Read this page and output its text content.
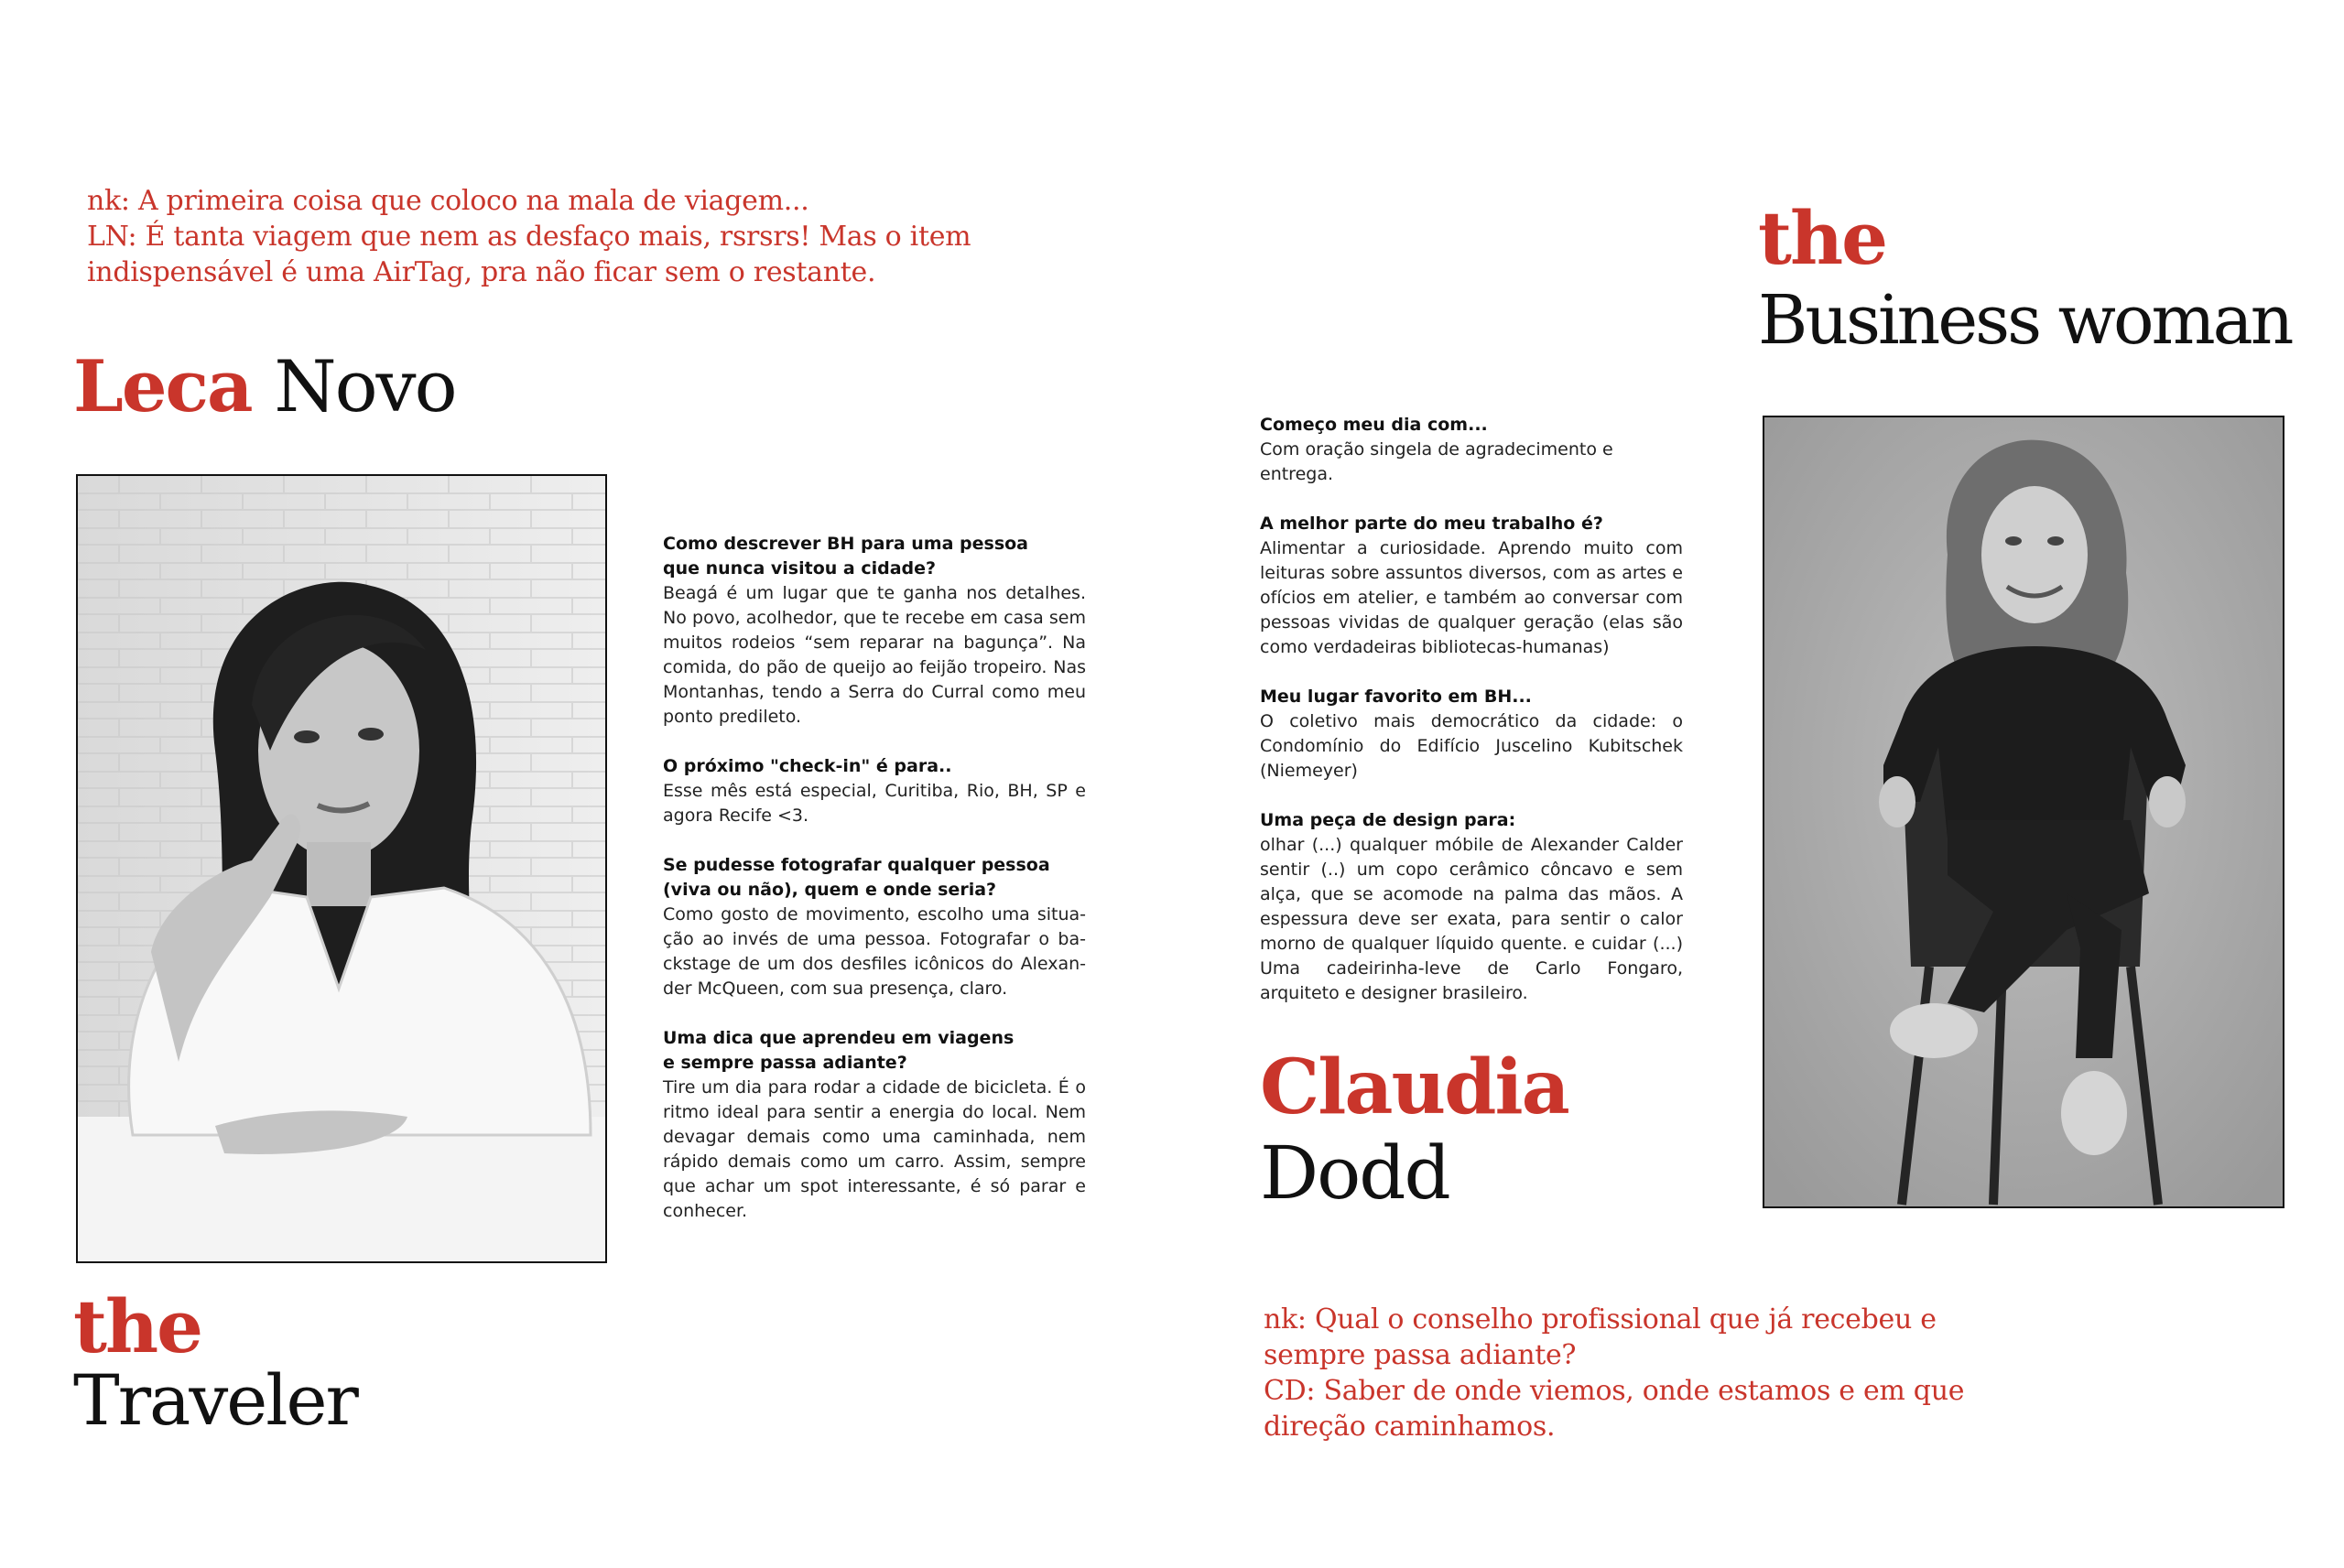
nk: A primeira coisa que coloco na mala de viagem...
LN: É tanta viagem que nem as desfaço mais, rsrsrs! Mas o item
indispensável é uma AirTag, pra não ficar sem o restante.
Leca Novo
the
Traveler
Como descrever BH para uma pessoa
que nunca visitou a cidade?
Beagá é um lugar que te ganha nos detalhes. No povo, acolhedor, que te recebe em casa sem muitos rodeios “sem reparar na bagunça”. Na comida, do pão de queijo ao feijão tropeiro. Nas Montanhas, tendo a Serra do Curral como meu ponto predileto.
O próximo "check-in" é para..
Esse mês está especial, Curitiba, Rio, BH, SP e agora Recife <3.
Se pudesse fotografar qualquer pessoa
(viva ou não), quem e onde seria?
Como gosto de movimento, escolho uma situa-ção ao invés de uma pessoa. Fotografar o ba-ckstage de um dos desfiles icônicos do Alexan-der McQueen, com sua presença, claro.
Uma dica que aprendeu em viagens
e sempre passa adiante?
Tire um dia para rodar a cidade de bicicleta. É o ritmo ideal para sentir a energia do local. Nem devagar demais como uma caminhada, nem rápido demais como um carro. Assim, sempre que achar um spot interessante, é só parar e conhecer.
the
Business woman
Começo meu dia com...
Com oração singela de agradecimento e entrega.
A melhor parte do meu trabalho é?
Alimentar a curiosidade. Aprendo muito com leituras sobre assuntos diversos, com as artes e ofícios em atelier, e também ao conversar com pessoas vividas de qualquer geração (elas são como verdadeiras bibliotecas-humanas)
Meu lugar favorito em BH...
O coletivo mais democrático da cidade: o Condomínio do Edifício Juscelino Kubitschek (Niemeyer)
Uma peça de design para:
olhar (...) qualquer móbile de Alexander Calder sentir (..) um copo cerâmico côncavo e sem alça, que se acomode na palma das mãos. A espessura deve ser exata, para sentir o calor morno de qualquer líquido quente. e cuidar (...) Uma cadeirinha-leve de Carlo Fongaro, arquiteto e designer brasileiro.
Claudia
Dodd
nk: Qual o conselho profissional que já recebeu e
sempre passa adiante?
CD: Saber de onde viemos, onde estamos e em que
direção caminhamos.
